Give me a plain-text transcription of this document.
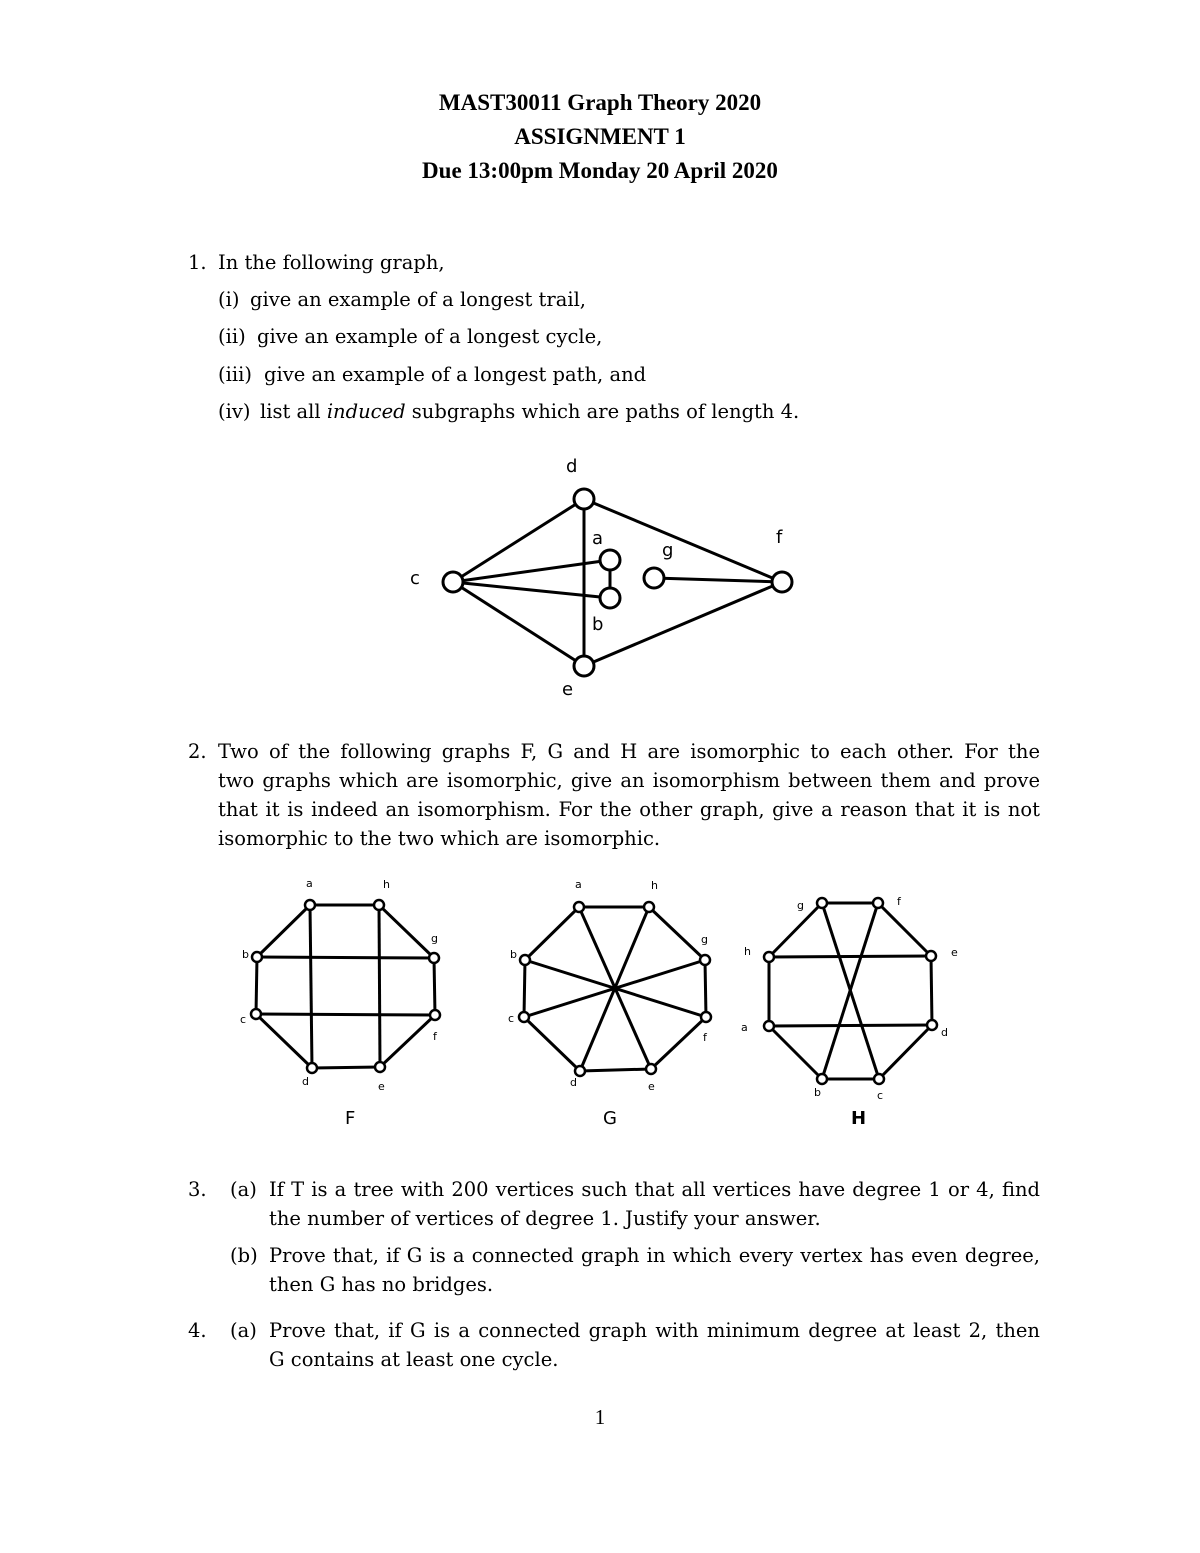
MAST30011 Graph Theory 2020
ASSIGNMENT 1
Due 13:00pm Monday 20 April 2020
1. In the following graph,
(i) give an example of a longest trail,
(ii) give an example of a longest cycle,
(iii) give an example of a longest path, and
(iv) list all induced subgraphs which are paths of length 4.
d
a
g
f
c
b
e
2. Two of the following graphs F, G and H are isomorphic to each other. For the
two graphs which are isomorphic, give an isomorphism between them and prove
that it is indeed an isomorphism. For the other graph, give a reason that it is not
isomorphic to the two which are isomorphic.
a	h
g
f
e
d
c
b
F
a	h
g
f
e
d
c
b
G
g	f
e
d
c
b
a
h
H
3. (a) If T is a tree with 200 vertices such that all vertices have degree 1 or 4, find
the number of vertices of degree 1. Justify your answer.
(b) Prove that, if G is a connected graph in which every vertex has even degree,
then G has no bridges.
4. (a) Prove that, if G is a connected graph with minimum degree at least 2, then
G contains at least one cycle.
1
